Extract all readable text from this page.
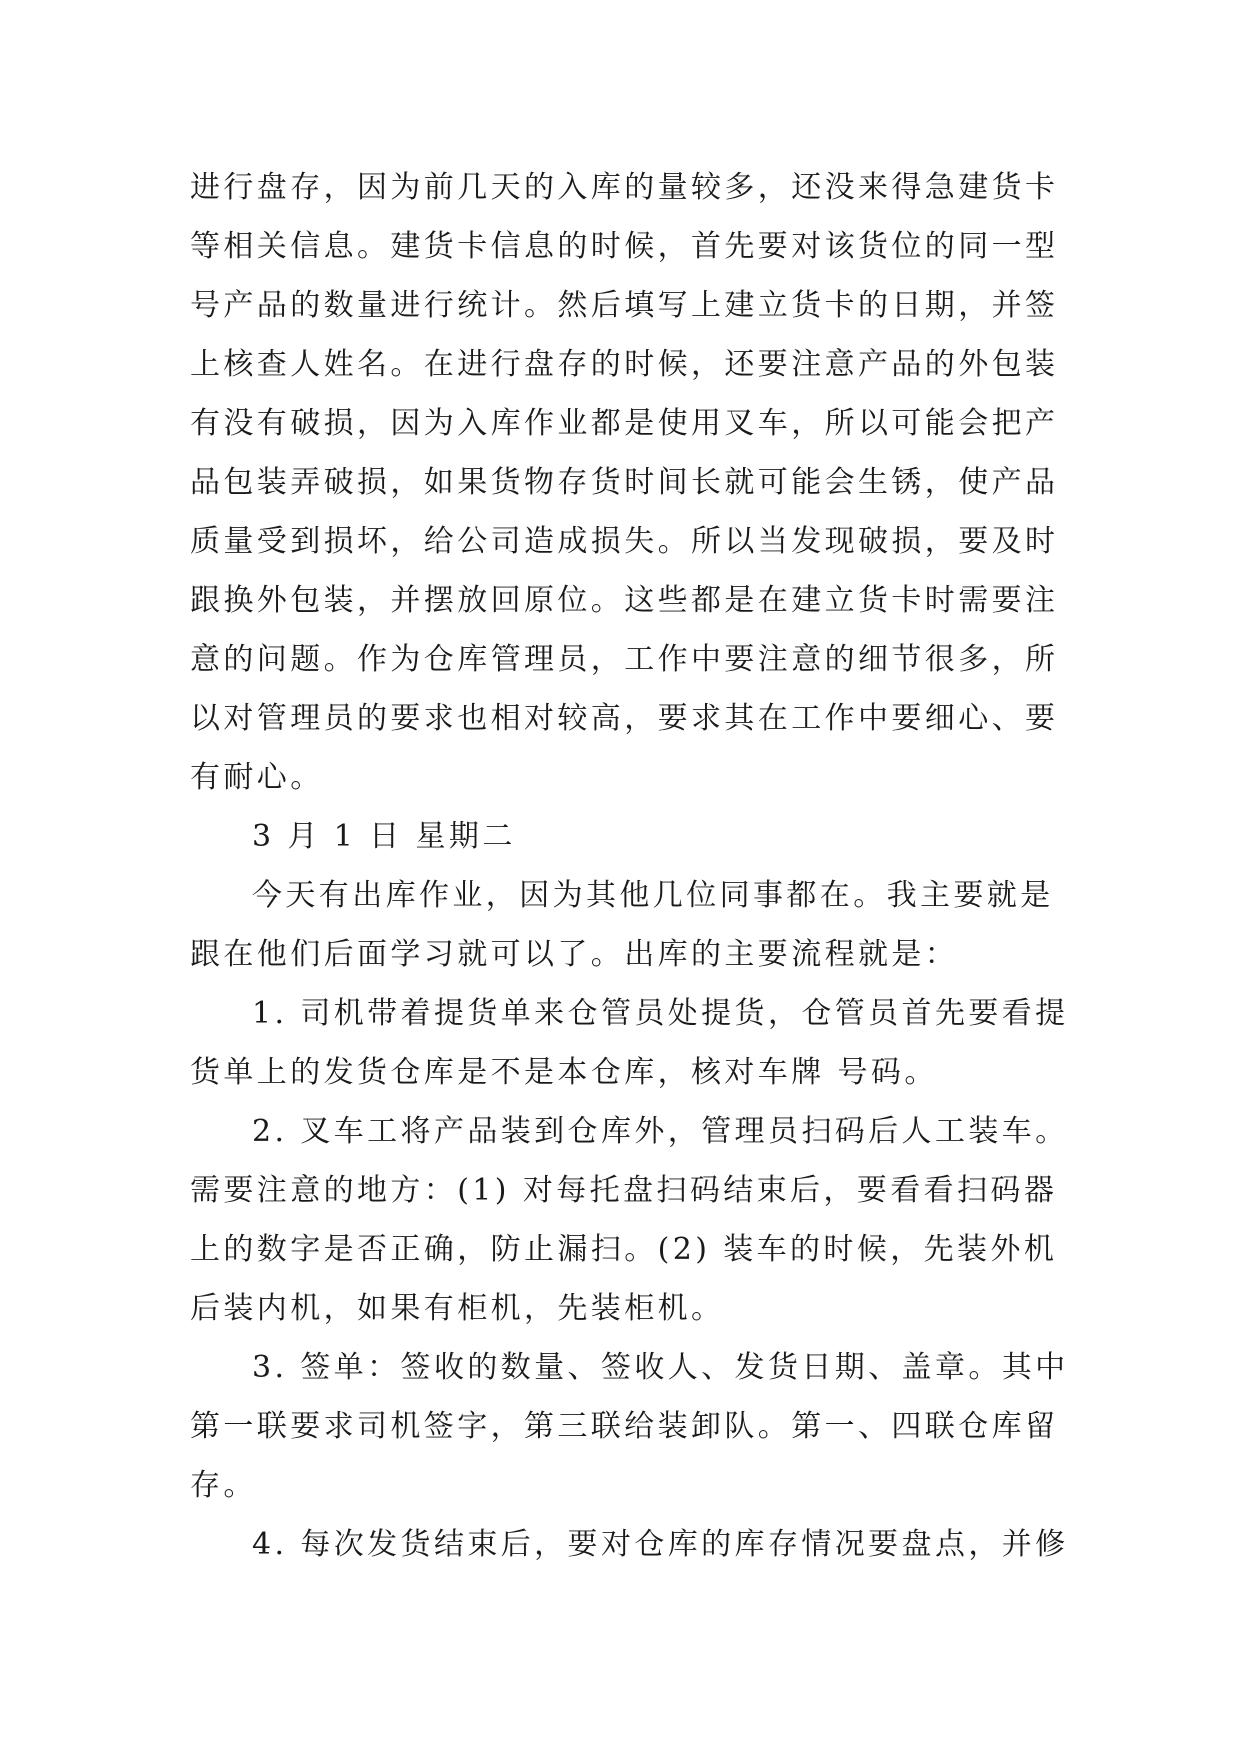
进行盘存，因为前几天的入库的量较多，还没来得急建货卡
等相关信息。建货卡信息的时候，首先要对该货位的同一型
号产品的数量进行统计。然后填写上建立货卡的日期，并签
上核查人姓名。在进行盘存的时候，还要注意产品的外包装
有没有破损，因为入库作业都是使用叉车，所以可能会把产
品包装弄破损，如果货物存货时间长就可能会生锈，使产品
质量受到损坏，给公司造成损失。所以当发现破损，要及时
跟换外包装，并摆放回原位。这些都是在建立货卡时需要注
意的问题。作为仓库管理员，工作中要注意的细节很多，所
以对管理员的要求也相对较高，要求其在工作中要细心、要
有耐心。
3 月 1 日 星期二
今天有出库作业，因为其他几位同事都在。我主要就是
跟在他们后面学习就可以了。出库的主要流程就是：
1. 司机带着提货单来仓管员处提货，仓管员首先要看提
货单上的发货仓库是不是本仓库，核对车牌 号码。
2. 叉车工将产品装到仓库外，管理员扫码后人工装车。
需要注意的地方：(1) 对每托盘扫码结束后，要看看扫码器
上的数字是否正确，防止漏扫。(2) 装车的时候，先装外机
后装内机，如果有柜机，先装柜机。
3. 签单：签收的数量、签收人、发货日期、盖章。其中
第一联要求司机签字，第三联给装卸队。第一、四联仓库留
存。
4. 每次发货结束后，要对仓库的库存情况要盘点，并修
